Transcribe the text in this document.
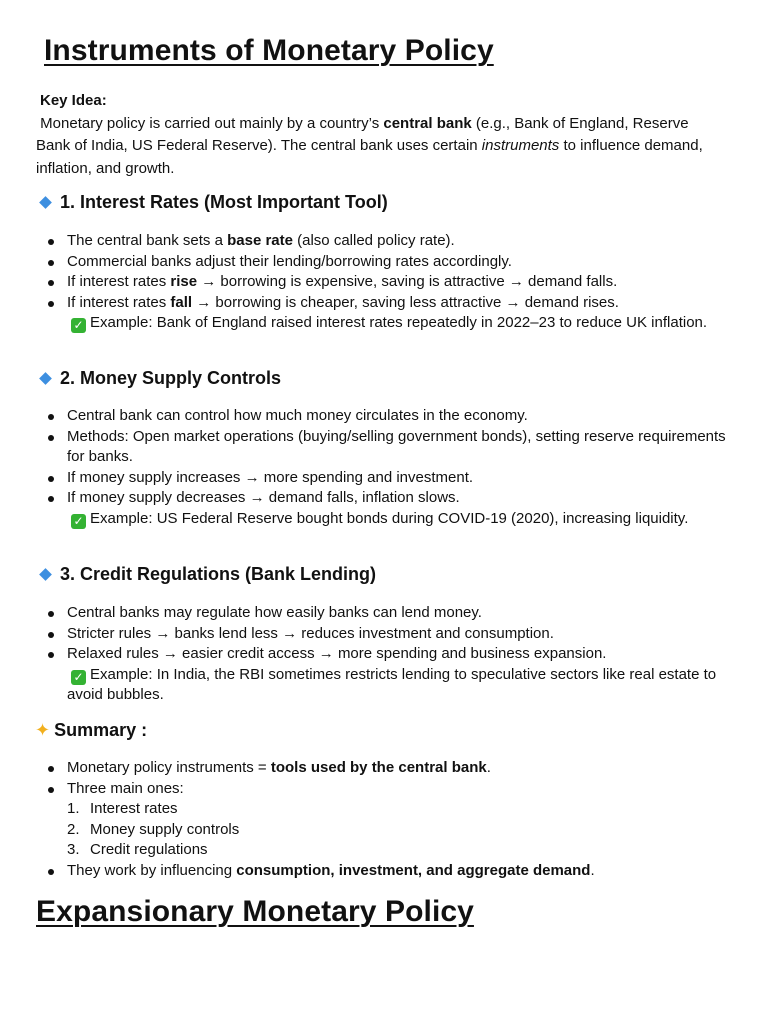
Instruments of Monetary Policy
Key Idea:

Monetary policy is carried out mainly by a country’s central bank (e.g., Bank of England, Reserve Bank of India, US Federal Reserve). The central bank uses certain instruments to influence demand, inflation, and growth.

1. Interest Rates (Most Important Tool)
The central bank sets a base rate (also called policy rate).
Commercial banks adjust their lending/borrowing rates accordingly.
If interest rates rise → borrowing is expensive, saving is attractive → demand falls.
If interest rates fall → borrowing is cheaper, saving less attractive → demand rises.
✓ Example: Bank of England raised interest rates repeatedly in 2022–23 to reduce UK inflation.
2. Money Supply Controls
Central bank can control how much money circulates in the economy.
Methods: Open market operations (buying/selling government bonds), setting reserve requirements for banks.
If money supply increases → more spending and investment.
If money supply decreases → demand falls, inflation slows.
✓ Example: US Federal Reserve bought bonds during COVID-19 (2020), increasing liquidity.
3. Credit Regulations (Bank Lending)
Central banks may regulate how easily banks can lend money.
Stricter rules → banks lend less → reduces investment and consumption.
Relaxed rules → easier credit access → more spending and business expansion.
✓ Example: In India, the RBI sometimes restricts lending to speculative sectors like real estate to avoid bubbles.
✦ Summary :
Monetary policy instruments = tools used by the central bank.
Three main ones:
1. Interest rates
2. Money supply controls
3. Credit regulations
They work by influencing consumption, investment, and aggregate demand.
Expansionary Monetary Policy
